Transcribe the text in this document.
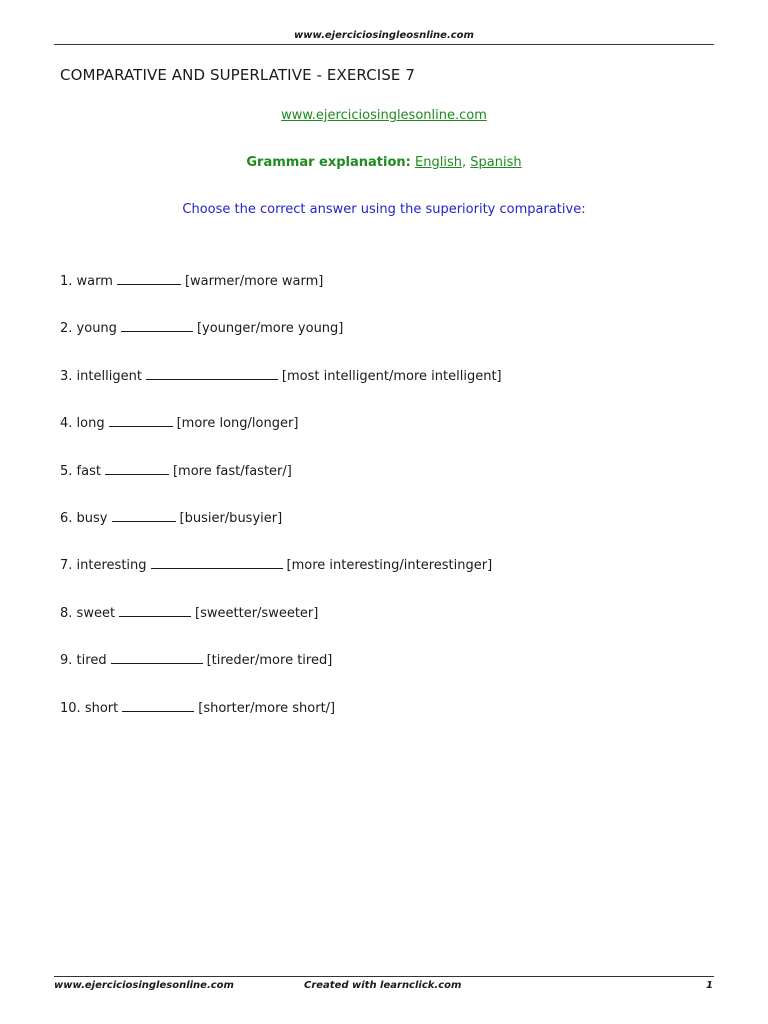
www.ejerciciosingleosnline.com
COMPARATIVE AND SUPERLATIVE - EXERCISE 7
www.ejerciciosinglesonline.com
Grammar explanation: English, Spanish
Choose the correct answer using the superiority comparative:
1. warm	[warmer/more warm]
2. young	[younger/more young]
3. intelligent	[most intelligent/more intelligent]
4. long	[more long/longer]
5. fast	[more fast/faster/]
6. busy	[busier/busyier]
7. interesting	[more interesting/interestinger]
8. sweet	[sweetter/sweeter]
9. tired	[tireder/more tired]
10. short	[shorter/more short/]
www.ejerciciosinglesonline.com	Created with learnclick.com	1
